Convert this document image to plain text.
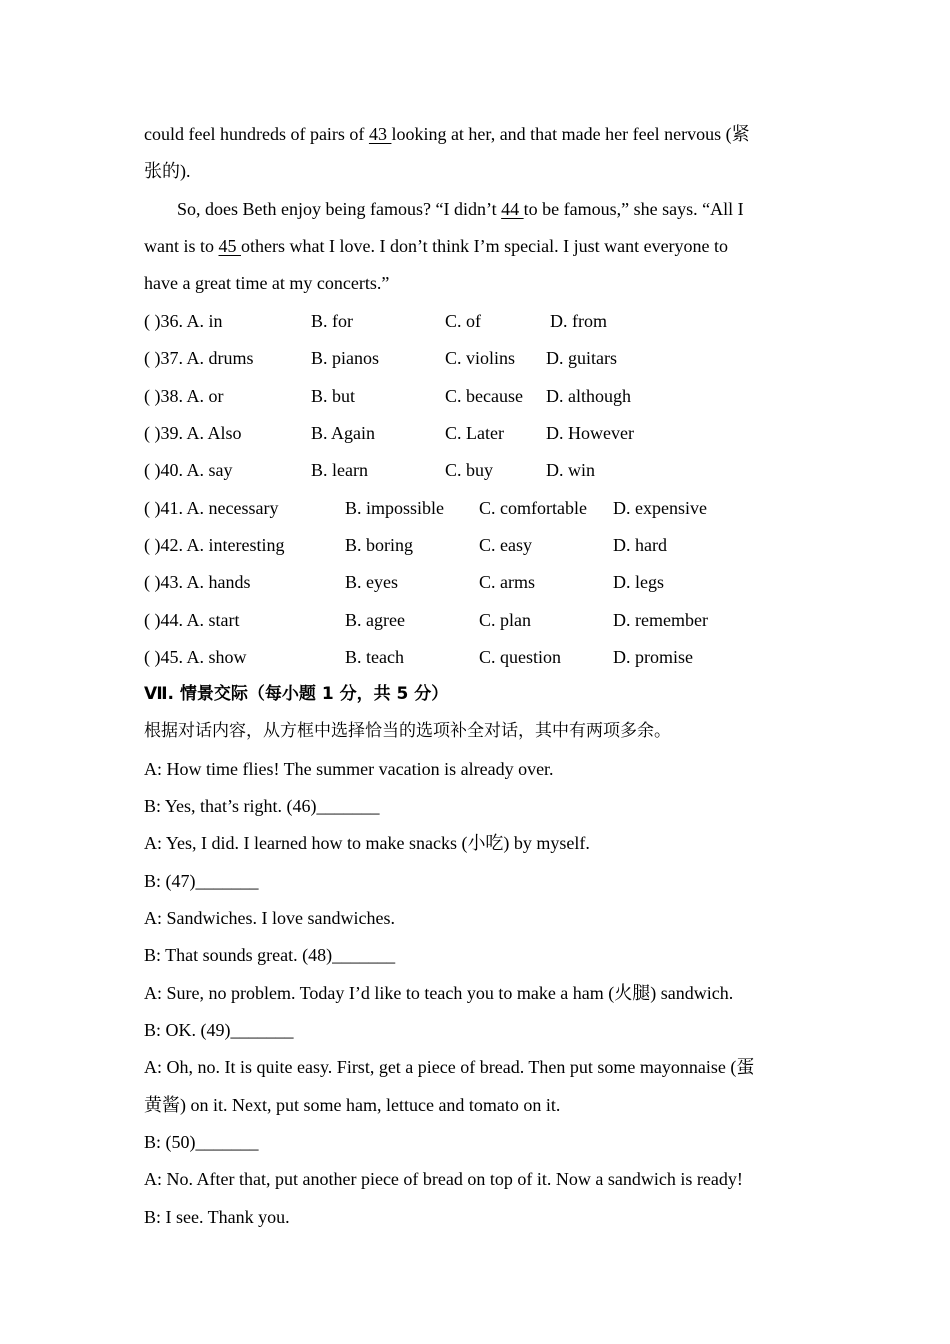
could feel hundreds of pairs of 43 looking at her, and that made her feel nervous (紧
张的).
So, does Beth enjoy being famous? “I didn’t 44 to be famous,” she says. “All I
want is to 45 others what I love. I don’t think I’m special. I just want everyone to
have a great time at my concerts.”
( )36. A. in	B. for	C. of	D. from
( )37. A. drums	B. pianos	C. violins D. guitars
( )38. A. or	B. but	C. because D. although
( )39. A. Also	B. Again	C. Later D. However
( )40. A. say	B. learn	C. buy	D. win
( )41. A. necessary	B. impossible C. comfortable D. expensive
( )42. A. interesting	B. boring	C. easy	D. hard
( )43. A. hands	B. eyes	C. arms	D. legs
( )44. A. start	B. agree	C. plan	D. remember
( )45. A. show	B. teach	C. question	D. promise
Ⅶ. 情景交际（每小题 1 分，共 5 分）
根据对话内容，从方框中选择恰当的选项补全对话，其中有两项多余。
A: How time flies! The summer vacation is already over.
B: Yes, that’s right. (46)_______
A: Yes, I did. I learned how to make snacks (小吃) by myself.
B: (47)_______
A: Sandwiches. I love sandwiches.
B: That sounds great. (48)_______
A: Sure, no problem. Today I’d like to teach you to make a ham (火腿) sandwich.
B: OK. (49)_______
A: Oh, no. It is quite easy. First, get a piece of bread. Then put some mayonnaise (蛋
黄酱) on it. Next, put some ham, lettuce and tomato on it.
B: (50)_______
A: No. After that, put another piece of bread on top of it. Now a sandwich is ready!
B: I see. Thank you.
